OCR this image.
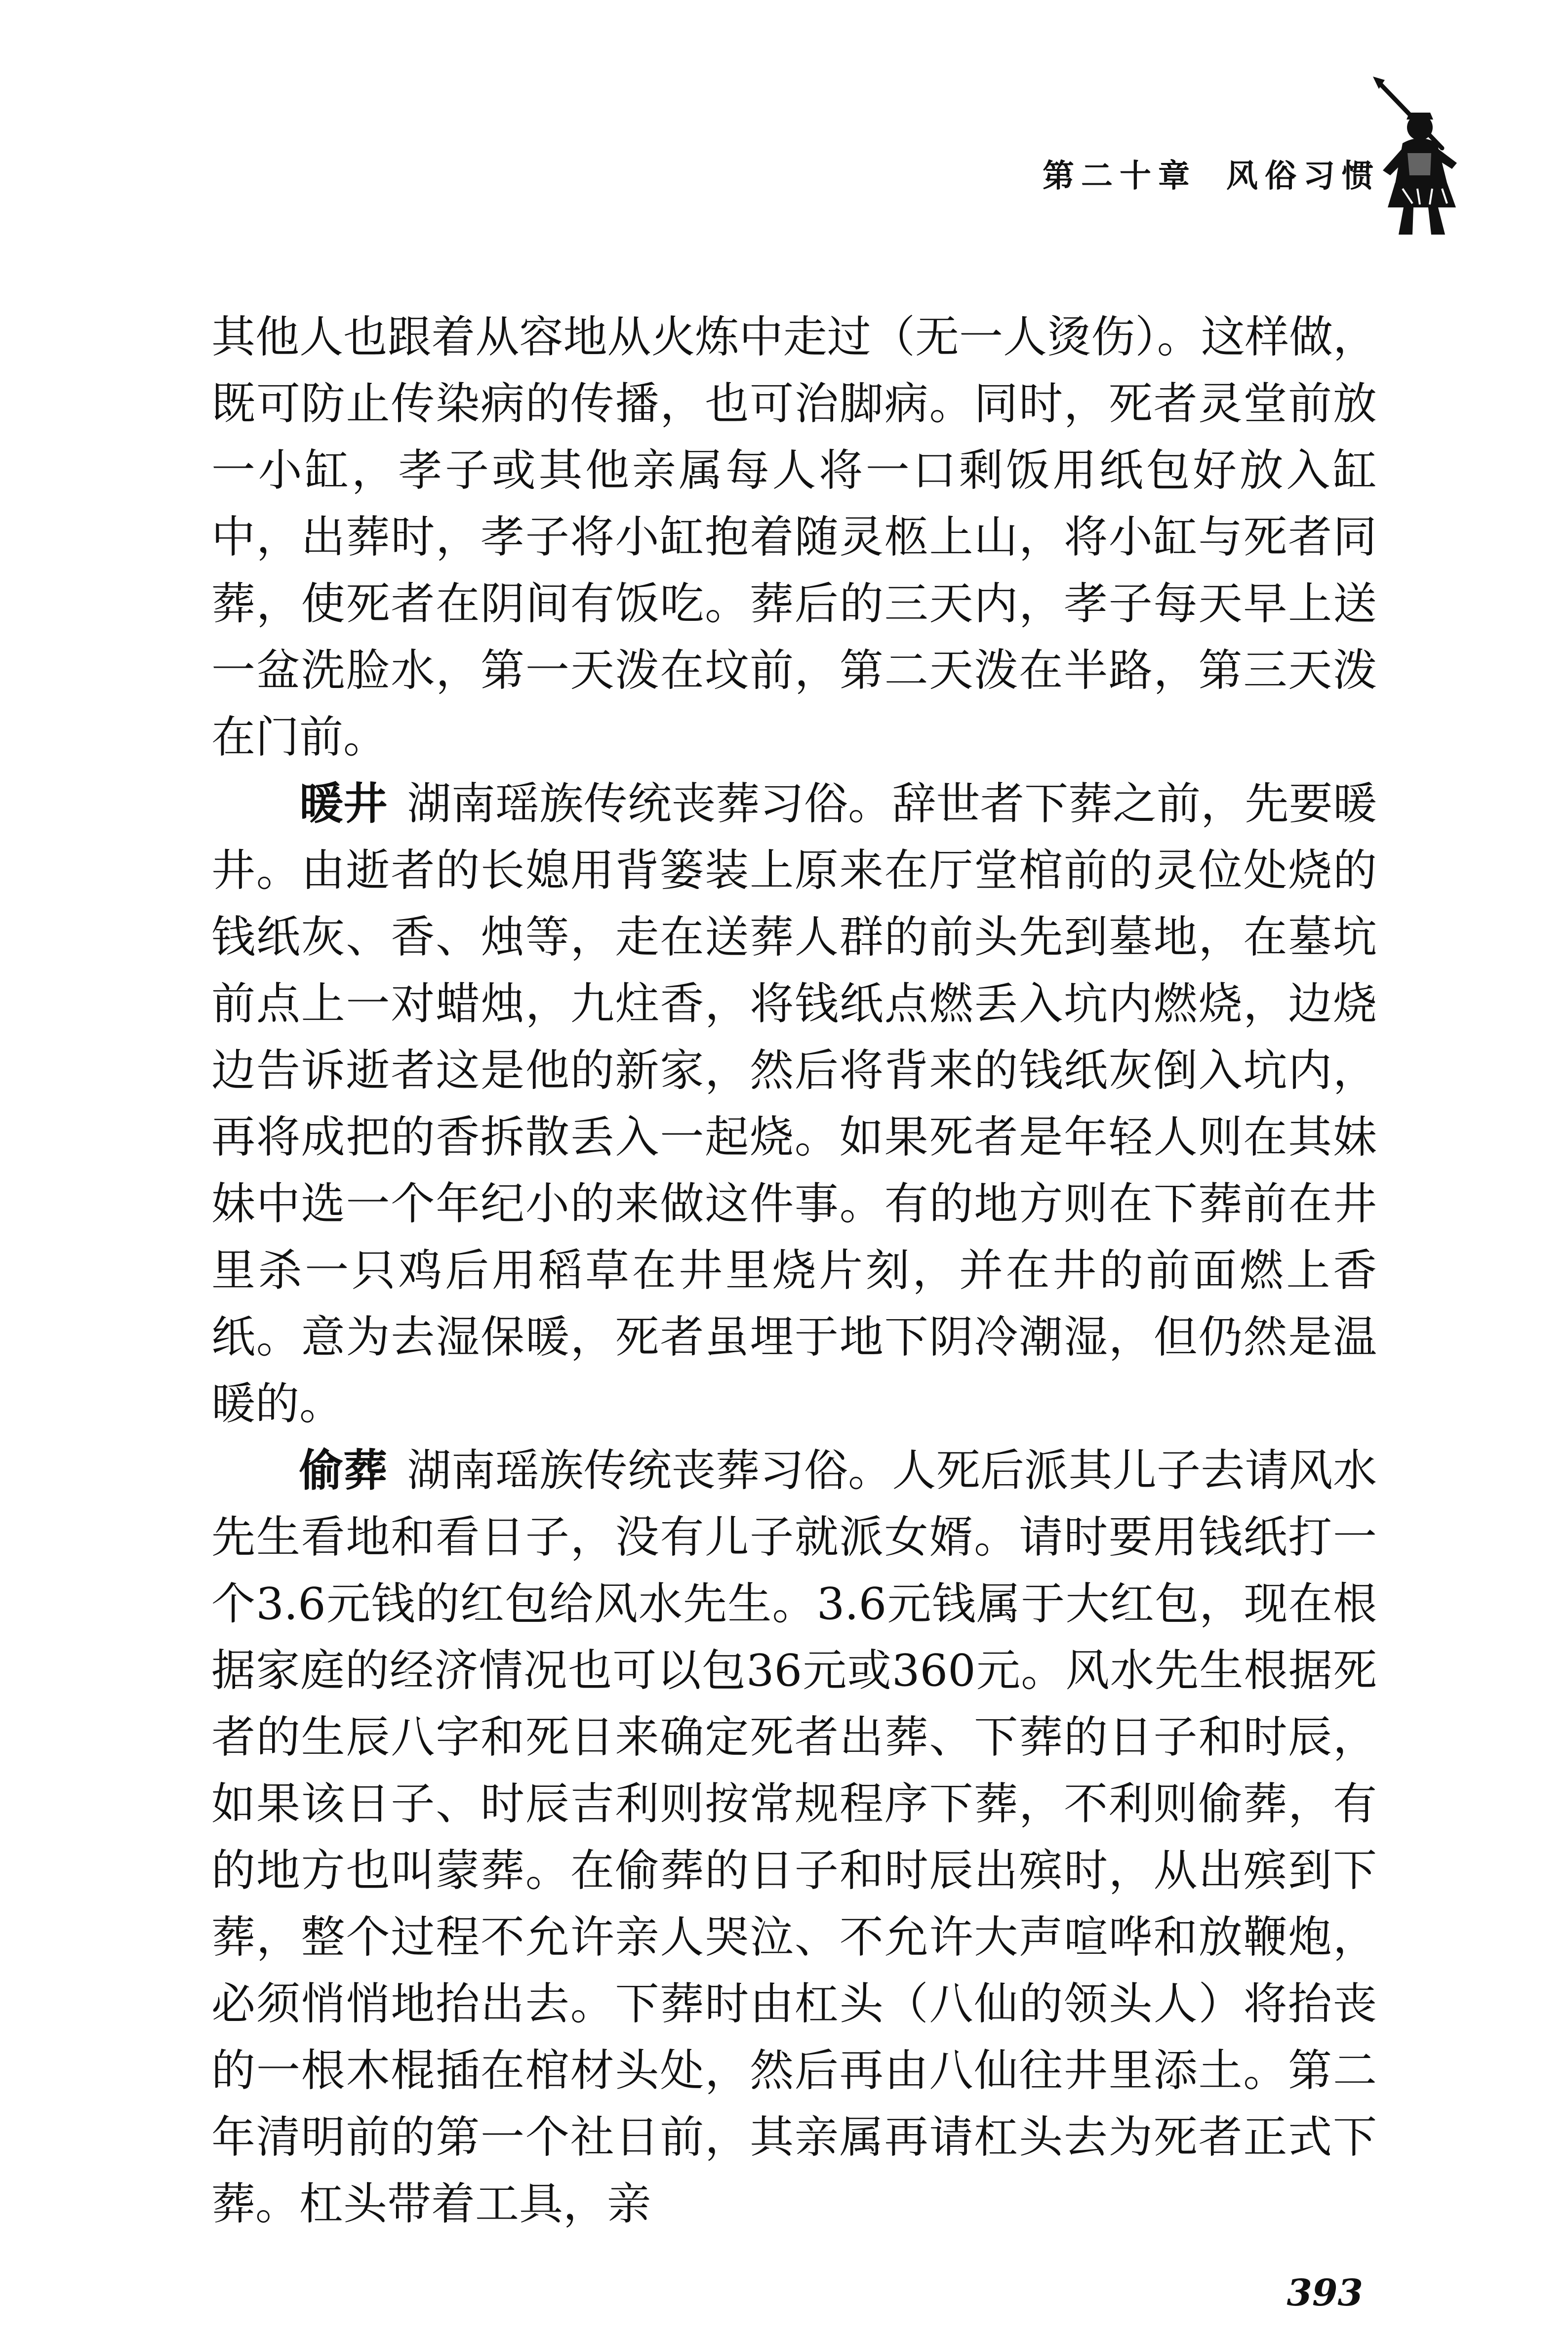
第二十章 风俗习惯

其他人也跟着从容地从火炼中走过（无一人烫伤）。这样做，既可防止传染病的传播，也可治脚病。同时，死者灵堂前放一小缸，孝子或其他亲属每人将一口剩饭用纸包好放入缸中，出葬时，孝子将小缸抱着随灵柩上山，将小缸与死者同葬，使死者在阴间有饭吃。葬后的三天内，孝子每天早上送一盆洗脸水，第一天泼在坟前，第二天泼在半路，第三天泼在门前。

暖井 湖南瑶族传统丧葬习俗。辞世者下葬之前，先要暖井。由逝者的长媳用背篓装上原来在厅堂棺前的灵位处烧的钱纸灰、香、烛等，走在送葬人群的前头先到墓地，在墓坑前点上一对蜡烛，九炷香，将钱纸点燃丢入坑内燃烧，边烧边告诉逝者这是他的新家，然后将背来的钱纸灰倒入坑内，再将成把的香拆散丢入一起烧。如果死者是年轻人则在其妹妹中选一个年纪小的来做这件事。有的地方则在下葬前在井里杀一只鸡后用稻草在井里烧片刻，并在井的前面燃上香纸。意为去湿保暖，死者虽埋于地下阴冷潮湿，但仍然是温暖的。

偷葬 湖南瑶族传统丧葬习俗。人死后派其儿子去请风水先生看地和看日子，没有儿子就派女婿。请时要用钱纸打一个3.6元钱的红包给风水先生。3.6元钱属于大红包，现在根据家庭的经济情况也可以包36元或360元。风水先生根据死者的生辰八字和死日来确定死者出葬、下葬的日子和时辰，如果该日子、时辰吉利则按常规程序下葬，不利则偷葬，有的地方也叫蒙葬。在偷葬的日子和时辰出殡时，从出殡到下葬，整个过程不允许亲人哭泣、不允许大声喧哗和放鞭炮，必须悄悄地抬出去。下葬时由杠头（八仙的领头人）将抬丧的一根木棍插在棺材头处，然后再由八仙往井里添土。第二年清明前的第一个社日前，其亲属再请杠头去为死者正式下葬。杠头带着工具，亲

393
